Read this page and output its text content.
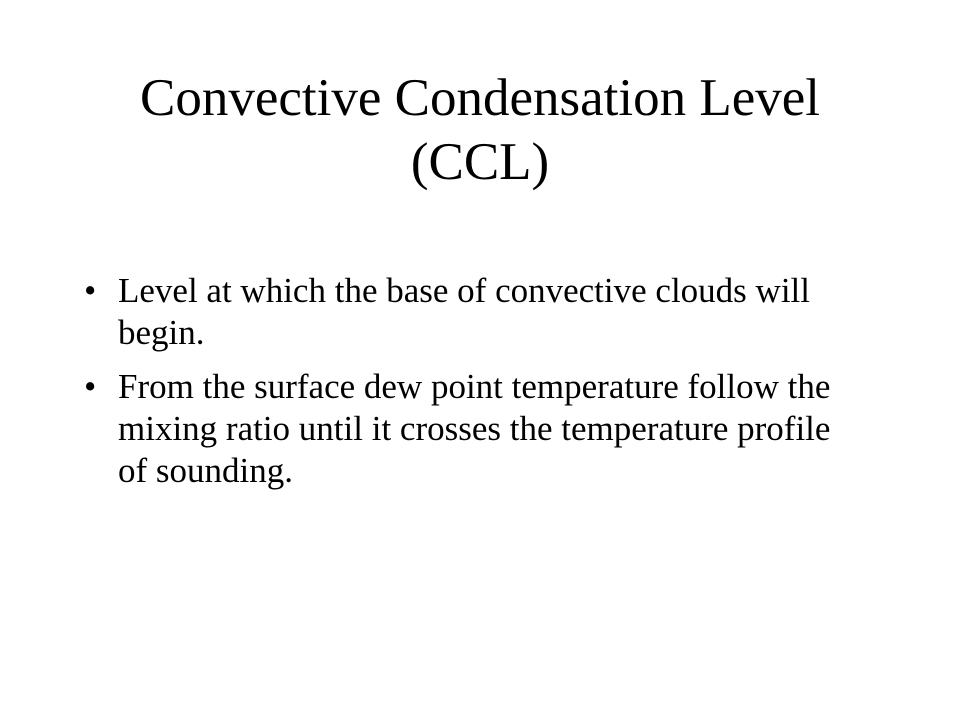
Convective Condensation Level
(CCL)
• Level at which the base of convective clouds will begin.
• From the surface dew point temperature follow the mixing ratio until it crosses the temperature profile of sounding.
